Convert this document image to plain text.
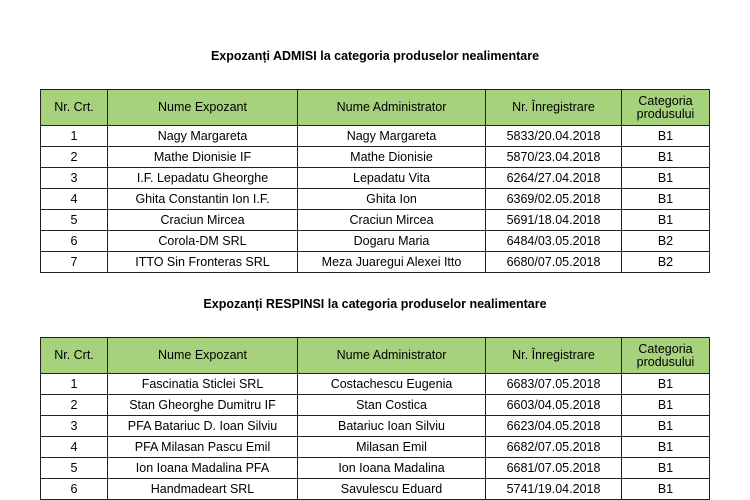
Expozanți ADMISI la categoria produselor nealimentare
Nr. Crt.	Nume Expozant	Nume Administrator	Nr. Înregistrare	Categoria produsului
1	Nagy Margareta	Nagy Margareta	5833/20.04.2018	B1
2	Mathe Dionisie IF	Mathe Dionisie	5870/23.04.2018	B1
3	I.F. Lepadatu Gheorghe	Lepadatu Vita	6264/27.04.2018	B1
4	Ghita Constantin Ion I.F.	Ghita Ion	6369/02.05.2018	B1
5	Craciun Mircea	Craciun Mircea	5691/18.04.2018	B1
6	Corola-DM SRL	Dogaru Maria	6484/03.05.2018	B2
7	ITTO Sin Fronteras SRL	Meza Juaregui Alexei Itto	6680/07.05.2018	B2
Expozanți RESPINSI la categoria produselor nealimentare
Nr. Crt.	Nume Expozant	Nume Administrator	Nr. Înregistrare	Categoria produsului
1	Fascinatia Sticlei SRL	Costachescu Eugenia	6683/07.05.2018	B1
2	Stan Gheorghe Dumitru IF	Stan Costica	6603/04.05.2018	B1
3	PFA Batariuc D. Ioan Silviu	Batariuc Ioan Silviu	6623/04.05.2018	B1
4	PFA Milasan Pascu Emil	Milasan Emil	6682/07.05.2018	B1
5	Ion Ioana Madalina PFA	Ion Ioana Madalina	6681/07.05.2018	B1
6	Handmadeart SRL	Savulescu Eduard	5741/19.04.2018	B1
